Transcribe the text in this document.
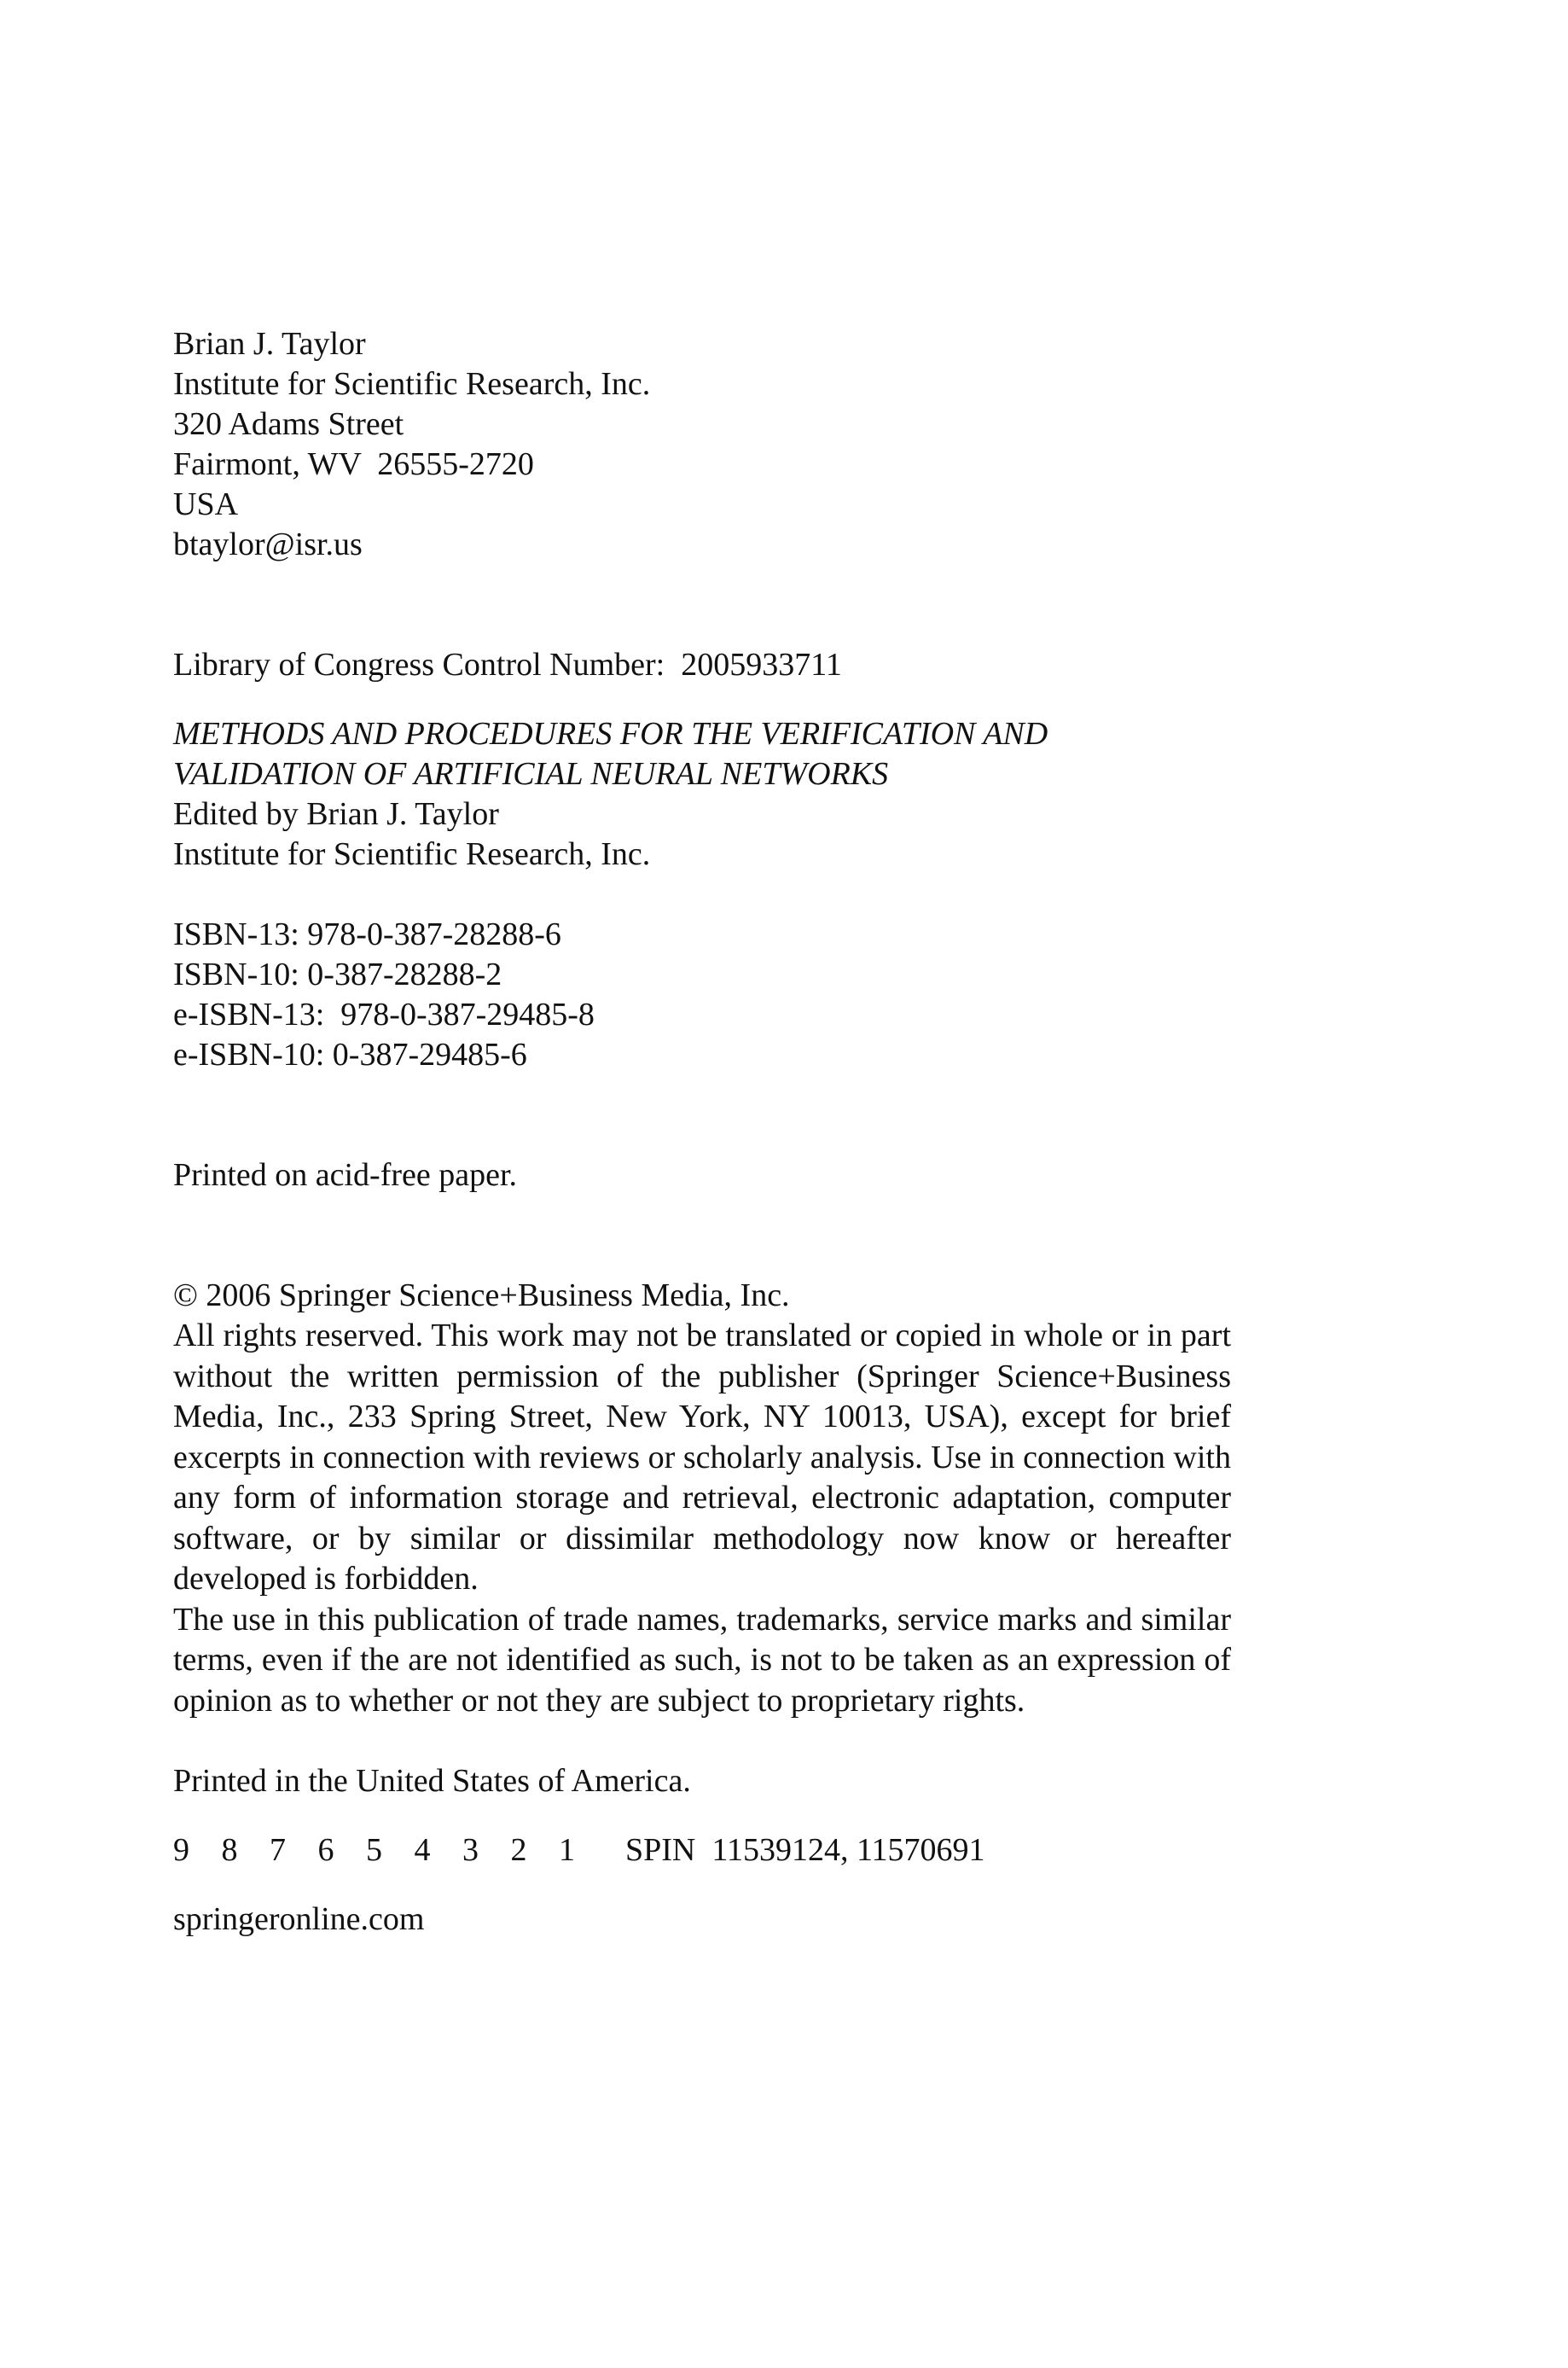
Brian J. Taylor
Institute for Scientific Research, Inc.
320 Adams Street
Fairmont, WV  26555-2720
USA
btaylor@isr.us
Library of Congress Control Number:  2005933711
METHODS AND PROCEDURES FOR THE VERIFICATION AND
VALIDATION OF ARTIFICIAL NEURAL NETWORKS
Edited by Brian J. Taylor
Institute for Scientific Research, Inc.
ISBN-13: 978-0-387-28288-6
ISBN-10: 0-387-28288-2
e-ISBN-13:  978-0-387-29485-8
e-ISBN-10: 0-387-29485-6
Printed on acid-free paper.
© 2006 Springer Science+Business Media, Inc.
All rights reserved. This work may not be translated or copied in whole or in part without the written permission of the publisher (Springer Science+Business Media, Inc., 233 Spring Street, New York, NY 10013, USA), except for brief excerpts in connection with reviews or scholarly analysis. Use in connection with any form of information storage and retrieval, electronic adaptation, computer software, or by similar or dissimilar methodology now know or hereafter developed is forbidden.
The use in this publication of trade names, trademarks, service marks and similar terms, even if the are not identified as such, is not to be taken as an expression of opinion as to whether or not they are subject to proprietary rights.
Printed in the United States of America.
9 8 7 6 5 4 3 2 1	SPIN  11539124, 11570691
springeronline.com
